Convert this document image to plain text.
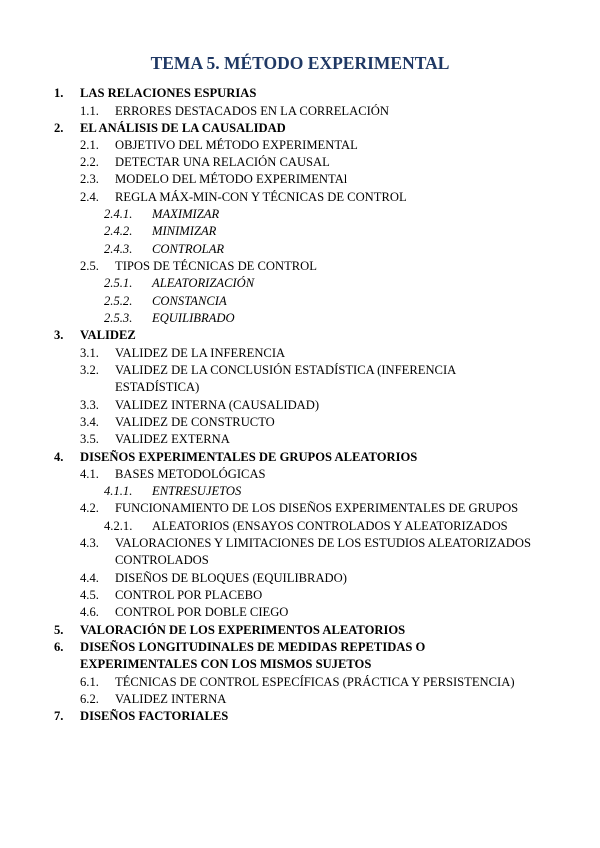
TEMA 5. MÉTODO EXPERIMENTAL
1. LAS RELACIONES ESPURIAS
1.1. ERRORES DESTACADOS EN LA CORRELACIÓN
2. EL ANÁLISIS DE LA CAUSALIDAD
2.1. OBJETIVO DEL MÉTODO EXPERIMENTAL
2.2. DETECTAR UNA RELACIÓN CAUSAL
2.3. MODELO DEL MÉTODO EXPERIMENTAl
2.4. REGLA MÁX-MIN-CON Y TÉCNICAS DE CONTROL
2.4.1. MAXIMIZAR
2.4.2. MINIMIZAR
2.4.3. CONTROLAR
2.5. TIPOS DE TÉCNICAS DE CONTROL
2.5.1. ALEATORIZACIÓN
2.5.2. CONSTANCIA
2.5.3. EQUILIBRADO
3. VALIDEZ
3.1. VALIDEZ DE LA INFERENCIA
3.2. VALIDEZ DE LA CONCLUSIÓN ESTADÍSTICA (INFERENCIA
ESTADÍSTICA)
3.3. VALIDEZ INTERNA (CAUSALIDAD)
3.4. VALIDEZ DE CONSTRUCTO
3.5. VALIDEZ EXTERNA
4. DISEÑOS EXPERIMENTALES DE GRUPOS ALEATORIOS
4.1. BASES METODOLÓGICAS
4.1.1. ENTRESUJETOS
4.2. FUNCIONAMIENTO DE LOS DISEÑOS EXPERIMENTALES DE GRUPOS
4.2.1. ALEATORIOS (ENSAYOS CONTROLADOS Y ALEATORIZADOS
4.3. VALORACIONES Y LIMITACIONES DE LOS ESTUDIOS ALEATORIZADOS
CONTROLADOS
4.4. DISEÑOS DE BLOQUES (EQUILIBRADO)
4.5. CONTROL POR PLACEBO
4.6. CONTROL POR DOBLE CIEGO
5. VALORACIÓN DE LOS EXPERIMENTOS ALEATORIOS
6. DISEÑOS LONGITUDINALES DE MEDIDAS REPETIDAS O
EXPERIMENTALES CON LOS MISMOS SUJETOS
6.1. TÉCNICAS DE CONTROL ESPECÍFICAS (PRÁCTICA Y PERSISTENCIA)
6.2. VALIDEZ INTERNA
7. DISEÑOS FACTORIALES
